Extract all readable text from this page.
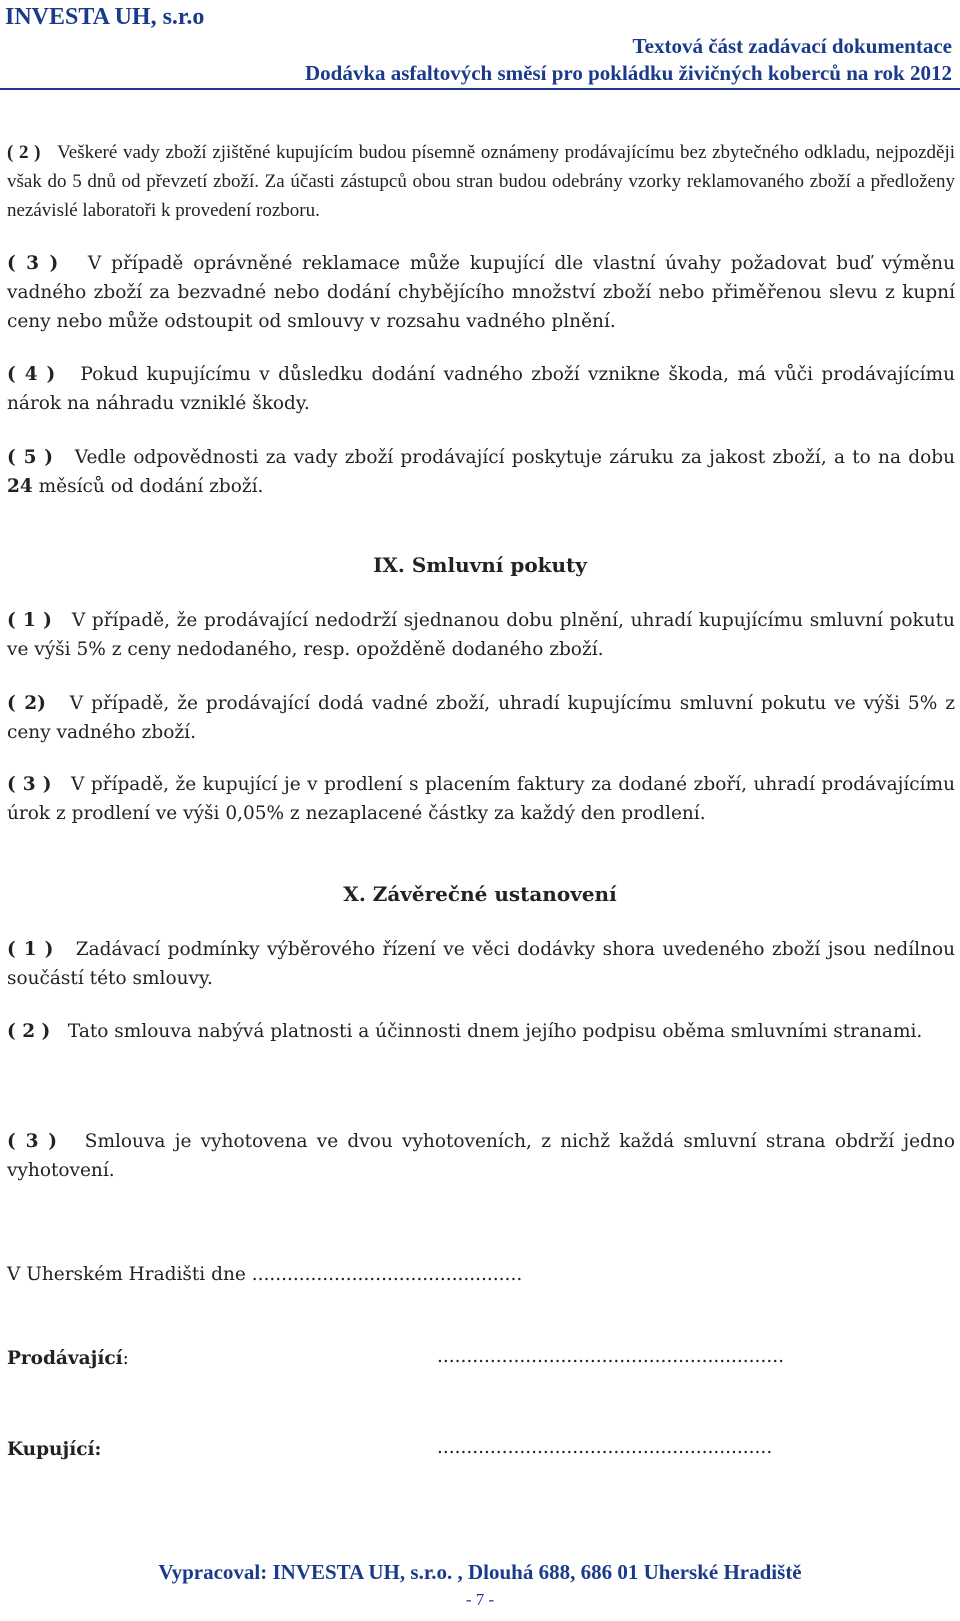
INVESTA UH, s.r.o
Textová část zadávací dokumentace
Dodávka asfaltových směsí pro pokládku živičných koberců na rok 2012
( 2 ) Veškeré vady zboží zjištěné kupujícím budou písemně oznámeny prodávajícímu bez zbytečného odkladu, nejpozději však do 5 dnů od převzetí zboží. Za účasti zástupců obou stran budou odebrány vzorky reklamovaného zboží a předloženy nezávislé laboratoři k provedení rozboru.
( 3 ) V případě oprávněné reklamace může kupující dle vlastní úvahy požadovat buď výměnu vadného zboží za bezvadné nebo dodání chybějícího množství zboží nebo přiměřenou slevu z kupní ceny nebo může odstoupit od smlouvy v rozsahu vadného plnění.
( 4 ) Pokud kupujícímu v důsledku dodání vadného zboží vznikne škoda, má vůči prodávajícímu nárok na náhradu vzniklé škody.
( 5 ) Vedle odpovědnosti za vady zboží prodávající poskytuje záruku za jakost zboží, a to na dobu 24 měsíců od dodání zboží.
IX. Smluvní pokuty
( 1 ) V případě, že prodávající nedodrží sjednanou dobu plnění, uhradí kupujícímu smluvní pokutu ve výši 5% z ceny nedodaného, resp. opožděně dodaného zboží.
( 2) V případě, že prodávající dodá vadné zboží, uhradí kupujícímu smluvní pokutu ve výši 5% z ceny vadného zboží.
( 3 ) V případě, že kupující je v prodlení s placením faktury za dodané zboří, uhradí prodávajícímu úrok z prodlení ve výši 0,05% z nezaplacené částky za každý den prodlení.
X. Závěrečné ustanovení
( 1 ) Zadávací podmínky výběrového řízení ve věci dodávky shora uvedeného zboží jsou nedílnou součástí této smlouvy.
( 2 ) Tato smlouva nabývá platnosti a účinnosti dnem jejího podpisu oběma smluvními stranami.
( 3 ) Smlouva je vyhotovena ve dvou vyhotoveních, z nichž každá smluvní strana obdrží jedno vyhotovení.
V Uherském Hradišti dne ..............................................
Prodávající:	...........................................................
Kupující:	.........................................................
Vypracoval: INVESTA UH, s.r.o. , Dlouhá 688, 686 01 Uherské Hradiště
- 7 -
